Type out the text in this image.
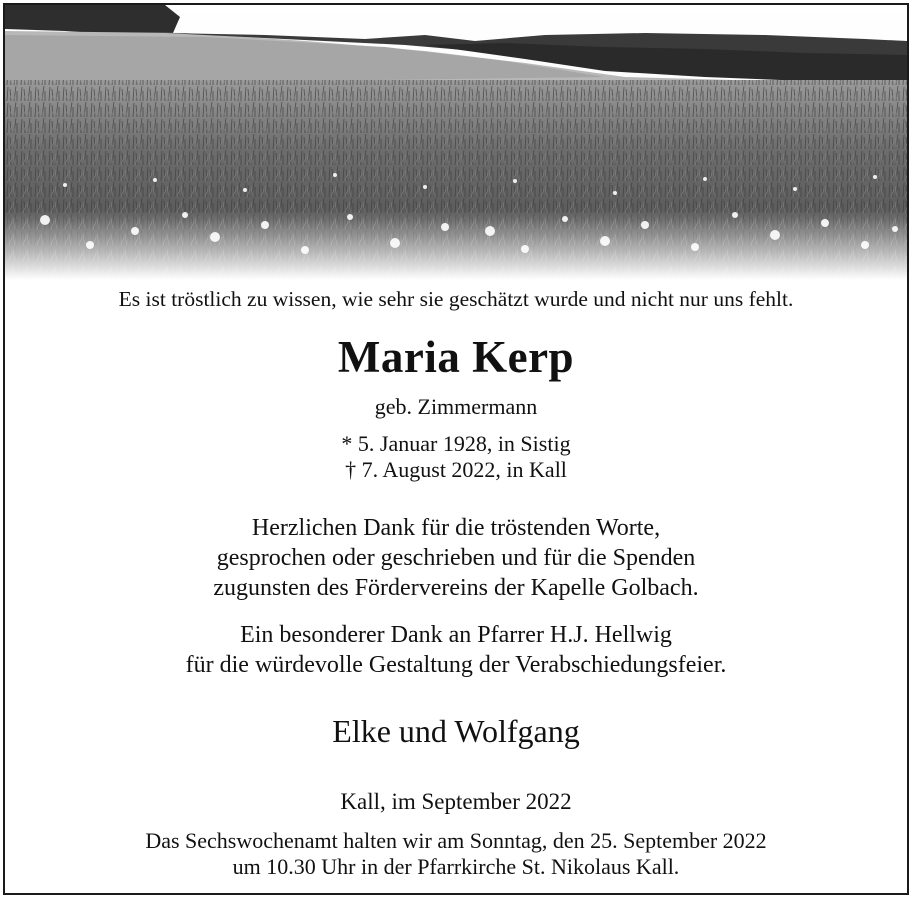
Es ist tröstlich zu wissen, wie sehr sie geschätzt wurde und nicht nur uns fehlt.
Maria Kerp
geb. Zimmermann
* 5. Januar 1928, in Sistig
† 7. August 2022, in Kall
Herzlichen Dank für die tröstenden Worte,
gesprochen oder geschrieben und für die Spenden
zugunsten des Fördervereins der Kapelle Golbach.
Ein besonderer Dank an Pfarrer H.J. Hellwig
für die würdevolle Gestaltung der Verabschiedungsfeier.
Elke und Wolfgang
Kall, im September 2022
Das Sechswochenamt halten wir am Sonntag, den 25. September 2022
um 10.30 Uhr in der Pfarrkirche St. Nikolaus Kall.
